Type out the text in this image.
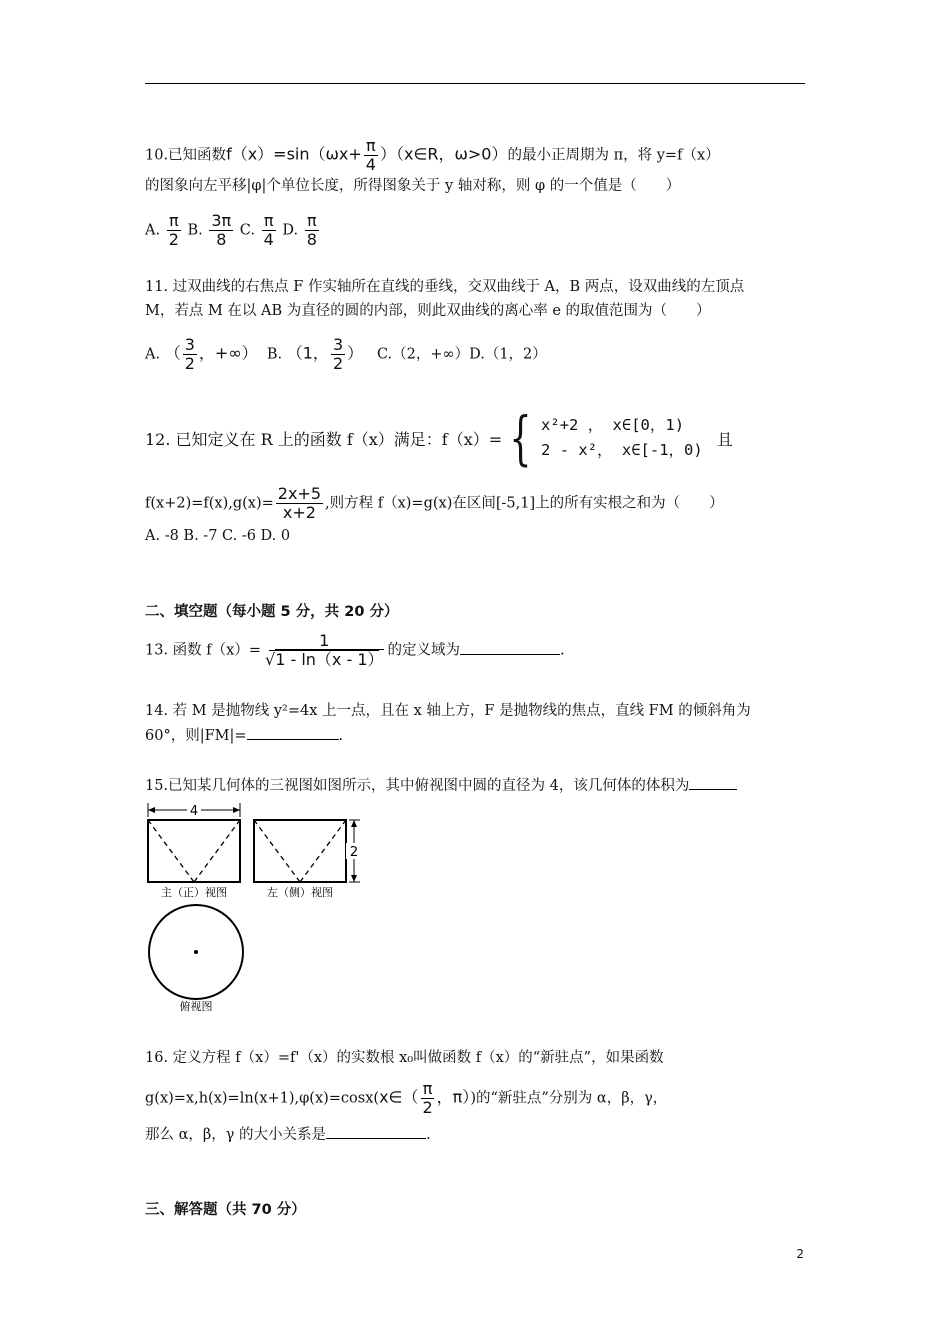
10.已知函数$f(x)=\sin(\omega x+ \frac{\pi}{4}$ ）（x∈R，ω>0）的最小正周期为 π，将 y=f（x）
的图象向左平移|φ|个单位长度，所得图象关于 y 轴对称，则 φ 的一个值是（　　）
A. $\frac{\pi}{2} B$. $\frac{3\pi}{8} C$. $\frac{\pi}{4} D$. $\frac{\pi}{8}$
11. 过双曲线的右焦点 F 作实轴所在直线的垂线，交双曲线于 A，B 两点，设双曲线的左顶点
M，若点 M 在以 AB 为直径的圆的内部，则此双曲线的离心率 e 的取值范围为（　　）
A. （ $\frac{3}{2}$ ，+∞） B. （1， $\frac{3}{2}$ ） C.（2，+∞）D.（1，2）
12. 已知定义在 R 上的函数 f（x）满足：f（x）= { x²+2 ， x∈[0，1)
2 - x²， x∈[-1，0)
且
$f(x+2)=f(x),g(x)= \frac{2x+5}{x+2}$ ,则方程 f（x)=g(x)在区间[-5,1]上的所有实根之和为（　　）
A. -8 B. -7 C. -6 D. 0
二、填空题（每小题 5 分，共 20 分）
13. 函数 $f(x)= \frac{1}{√1 - \ln(x - 1)}$ 的定义域为	.
14. 若 M 是抛物线 y²=4x 上一点，且在 x 轴上方，F 是抛物线的焦点，直线 FM 的倾斜角为
60°，则|FM|=	.
15.已知某几何体的三视图如图所示，其中俯视图中圆的直径为 4，该几何体的体积为
4
主（正）视图	左（侧）视图
2
俯视图
16. 定义方程 f（x）=f'（x）的实数根 x₀叫做函数 f（x）的“新驻点”，如果函数
g(x)=x,h(x)=ln(x+1),φ(x)=cosx(x∈（ $\frac{\pi}{2}$ ，π）)的“新驻点”分别为 α，β，γ，
那么 α，β，γ 的大小关系是	.
三、解答题（共 70 分）
2
